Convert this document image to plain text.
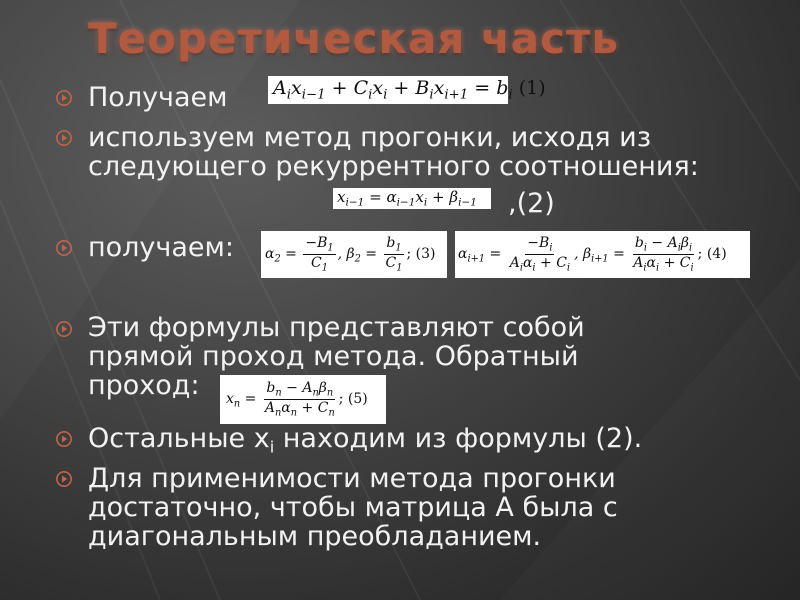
Теоретическая часть
Получаем	$A_ix_{i-1} + C_ix_i + B_ix_{i+1} = b_i$ (1)
используем метод прогонки, исходя из следующего рекуррентного соотношения:
$x_{i-1} = \alpha_{i-1}x_i + \beta_{i-1}$ ,(2)
получаем:	$\alpha_2 = \frac{-B_1}{C_1}$ , $\beta_2 = \frac{b_1}{C_1}$ ; (3) $\alpha_{i+1} = \frac{-B_i}{A_i\alpha_i + C_i}$ , $\beta_{i+1} = \frac{b_i - A_i\beta_i}{A_i\alpha_i + C_i}$ ; (4)
Эти формулы представляют собой прямой проход метода. Обратный проход:	$x_n = \frac{b_n - A_n\beta_n}{A_n\alpha_n + C_n}$ ; (5)
Остальные $x_i$ находим из формулы (2).
Для применимости метода прогонки достаточно, чтобы матрица A была с диагональным преобладанием.
